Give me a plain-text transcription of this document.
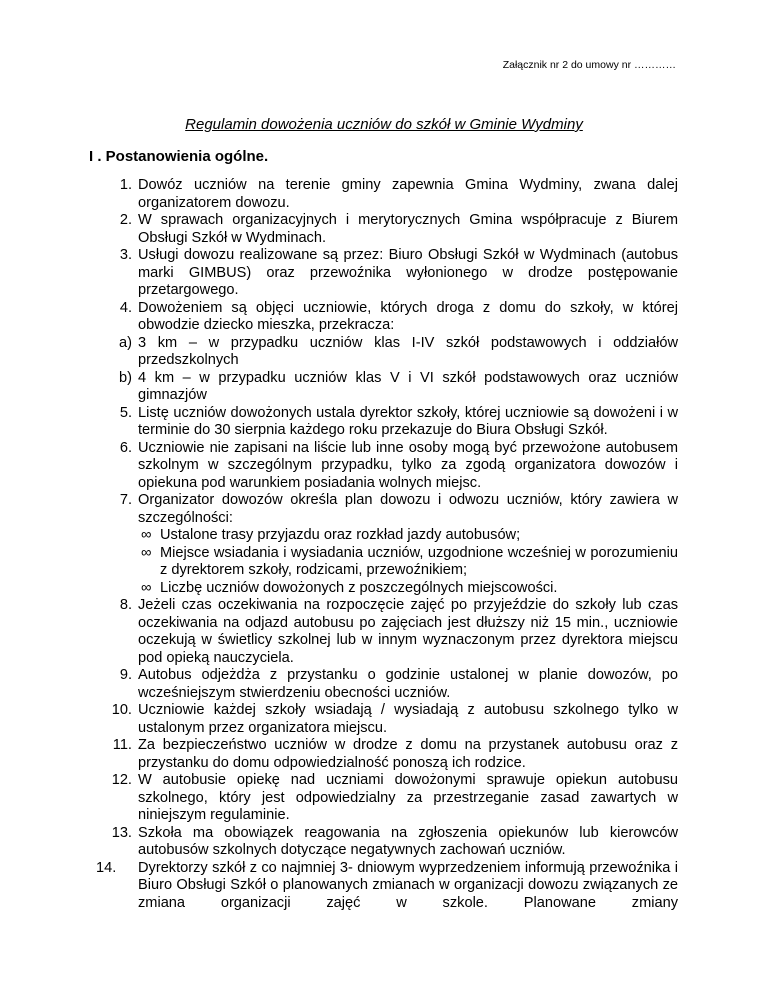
Załącznik nr 2 do umowy nr …………
Regulamin dowożenia uczniów do szkół w Gminie Wydminy
I . Postanowienia ogólne.
1. Dowóz uczniów na terenie gminy zapewnia Gmina Wydminy, zwana dalej organizatorem dowozu.
2. W sprawach organizacyjnych i merytorycznych Gmina współpracuje z Biurem Obsługi Szkół w Wydminach.
3. Usługi dowozu realizowane są przez: Biuro Obsługi Szkół w Wydminach (autobus marki GIMBUS) oraz przewoźnika wyłonionego w drodze postępowanie przetargowego.
4. Dowożeniem są objęci uczniowie, których droga z domu do szkoły, w której obwodzie dziecko mieszka, przekracza:
a) 3 km – w przypadku uczniów klas I-IV szkół podstawowych i oddziałów przedszkolnych
b) 4 km – w przypadku uczniów klas V i VI szkół podstawowych oraz uczniów gimnazjów
5. Listę uczniów dowożonych ustala dyrektor szkoły, której uczniowie są dowożeni i w terminie do 30 sierpnia każdego roku przekazuje do Biura Obsługi Szkół.
6. Uczniowie nie zapisani na liście lub inne osoby mogą być przewożone autobusem szkolnym w szczególnym przypadku, tylko za zgodą organizatora dowozów i opiekuna pod warunkiem posiadania wolnych miejsc.
7. Organizator dowozów określa plan dowozu i odwozu uczniów, który zawiera w szczególności:
∞ Ustalone trasy przyjazdu oraz rozkład jazdy autobusów;
∞ Miejsce wsiadania i wysiadania uczniów, uzgodnione wcześniej w porozumieniu z dyrektorem szkoły, rodzicami, przewoźnikiem;
∞ Liczbę uczniów dowożonych z poszczególnych miejscowości.
8. Jeżeli czas oczekiwania na rozpoczęcie zajęć po przyjeździe do szkoły lub czas oczekiwania na odjazd autobusu po zajęciach jest dłuższy niż 15 min., uczniowie oczekują w świetlicy szkolnej lub w innym wyznaczonym przez dyrektora miejscu pod opieką nauczyciela.
9. Autobus odjeżdża z przystanku o godzinie ustalonej w planie dowozów, po wcześniejszym stwierdzeniu obecności uczniów.
10. Uczniowie każdej szkoły wsiadają / wysiadają z autobusu szkolnego tylko w ustalonym przez organizatora miejscu.
11. Za bezpieczeństwo uczniów w drodze z domu na przystanek autobusu oraz z przystanku do domu odpowiedzialność ponoszą ich rodzice.
12. W autobusie opiekę nad uczniami dowożonymi sprawuje opiekun autobusu szkolnego, który jest odpowiedzialny za przestrzeganie zasad zawartych w niniejszym regulaminie.
13. Szkoła ma obowiązek reagowania na zgłoszenia opiekunów lub kierowców autobusów szkolnych dotyczące negatywnych zachowań uczniów.
14.	Dyrektorzy szkół z co najmniej 3- dniowym wyprzedzeniem informują przewoźnika i Biuro Obsługi Szkół o planowanych zmianach w organizacji dowozu związanych ze zmiana organizacji zajęć w szkole. Planowane zmiany
